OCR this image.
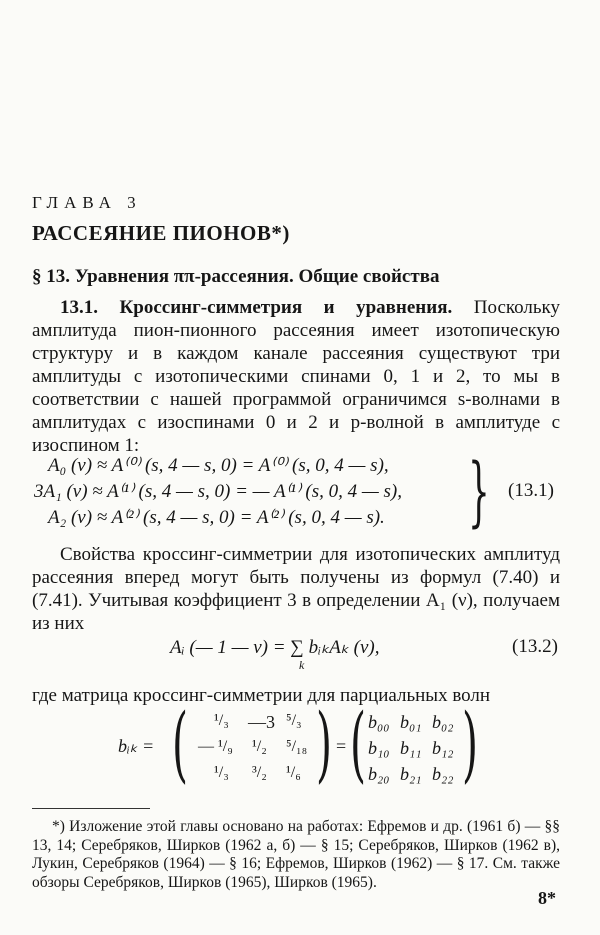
ГЛАВА 3
РАССЕЯНИЕ ПИОНОВ*)
§ 13. Уравнения ππ-рассеяния. Общие свойства
13.1. Кроссинг-симметрия и уравнения. Поскольку амплитуда пион-пионного рассеяния имеет изотопическую структуру и в каждом канале рассеяния существуют три амплитуды с изотопическими спинами 0, 1 и 2, то мы в соответствии с нашей программой ограничимся s-волнами в амплитудах с изоспинами 0 и 2 и p-волной в амплитуде с изоспином 1:
A₀ (ν) ≈ A⁽⁰⁾ (s, 4 — s, 0) = A⁽⁰⁾ (s, 0, 4 — s),
3A₁ (ν) ≈ A⁽¹⁾ (s, 4 — s, 0) = — A⁽¹⁾ (s, 0, 4 — s),
A₂ (ν) ≈ A⁽²⁾ (s, 4 — s, 0) = A⁽²⁾ (s, 0, 4 — s). } (13.1)
Свойства кроссинг-симметрии для изотопических амплитуд рассеяния вперед могут быть получены из формул (7.40) и (7.41). Учитывая коэффициент 3 в определении A₁ (ν), получаем из них
Aᵢ (— 1 — ν) = ∑ bᵢₖAₖ (ν),
k
(13.2)
где матрица кроссинг-симметрии для парциальных волн
bᵢₖ = ( ¹/₃ —3 ⁵/₃
— ¹/₉ ¹/₂ ⁵/₁₈
¹/₃ ³/₂ ¹/₆ ) = ( b₀₀ b₀₁ b₀₂
b₁₀ b₁₁ b₁₂
b₂₀ b₂₁ b₂₂ )
*) Изложение этой главы основано на работах: Ефремов и др. (1961 б) — §§ 13, 14; Серебряков, Ширков (1962 а, б) — § 15; Серебряков, Ширков (1962 в), Лукин, Серебряков (1964) — § 16; Ефремов, Ширков (1962) — § 17. См. также обзоры Серебряков, Ширков (1965), Ширков (1965).
8*
